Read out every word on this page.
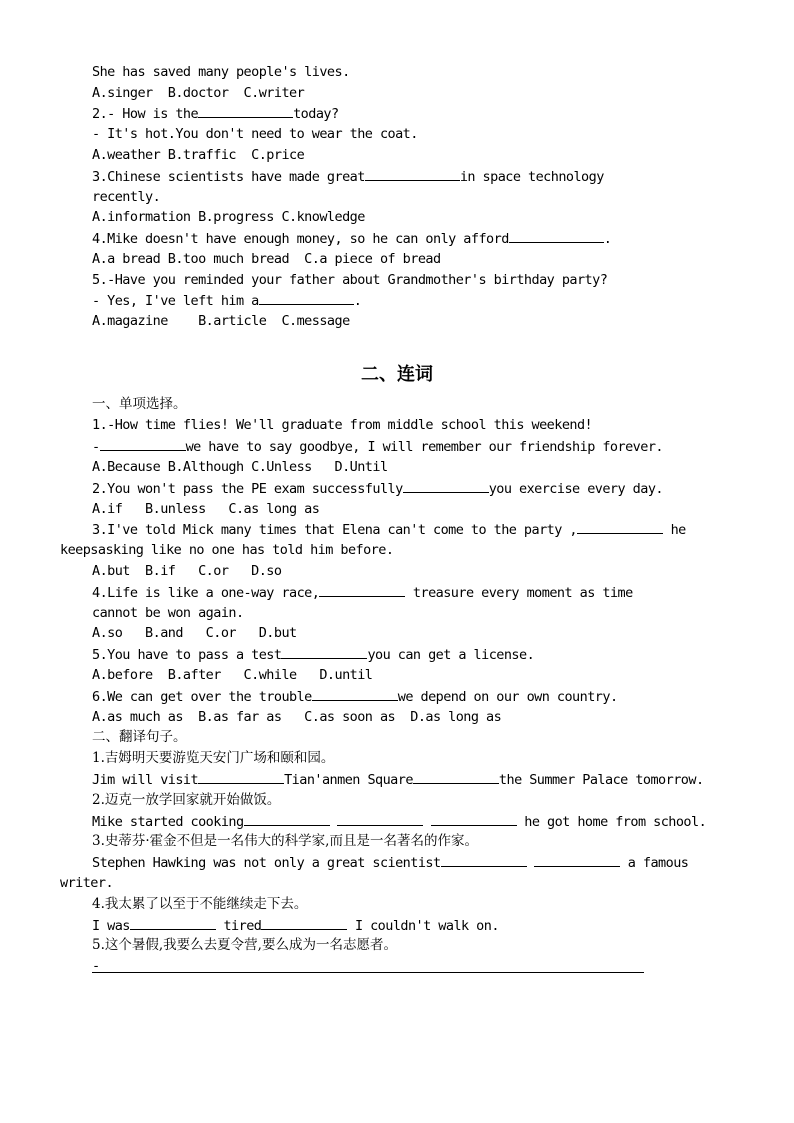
She has saved many people's lives.
A.singer  B.doctor  C.writer
2.- How is the	today?
- It's hot.You don't need to wear the coat.
A.weather B.traffic  C.price
3.Chinese scientists have made great	in space technology
recently.
A.information B.progress C.knowledge
4.Mike doesn't have enough money, so he can only afford	.
A.a bread B.too much bread  C.a piece of bread
5.-Have you reminded your father about Grandmother's birthday party?
- Yes, I've left him a	.
A.magazine    B.article  C.message
二、连词
一、单项选择。
1.-How time flies! We'll graduate from middle school this weekend!
-	we have to say goodbye, I will remember our friendship forever.
A.Because B.Although C.Unless   D.Until
2.You won't pass the PE exam successfully	you exercise every day.
A.if   B.unless   C.as long as
3.I've told Mick many times that Elena can't come to the party ,	he
keepsasking like no one has told him before.
A.but  B.if   C.or   D.so
4.Life is like a one-way race,	treasure every moment as time
cannot be won again.
A.so   B.and   C.or   D.but
5.You have to pass a test	you can get a license.
A.before  B.after   C.while   D.until
6.We can get over the trouble	we depend on our own country.
A.as much as  B.as far as   C.as soon as  D.as long as
二、翻译句子。
1.吉姆明天要游览天安门广场和颐和园。
Jim will visit	Tian'anmen Square	the Summer Palace tomorrow.
2.迈克一放学回家就开始做饭。
Mike started cooking	he got home from school.
3.史蒂芬·霍金不但是一名伟大的科学家,而且是一名著名的作家。
Stephen Hawking was not only a great scientist	a famous
writer.
4.我太累了以至于不能继续走下去。
I was	tired	I couldn't walk on.
5.这个暑假,我要么去夏令营,要么成为一名志愿者。
-
